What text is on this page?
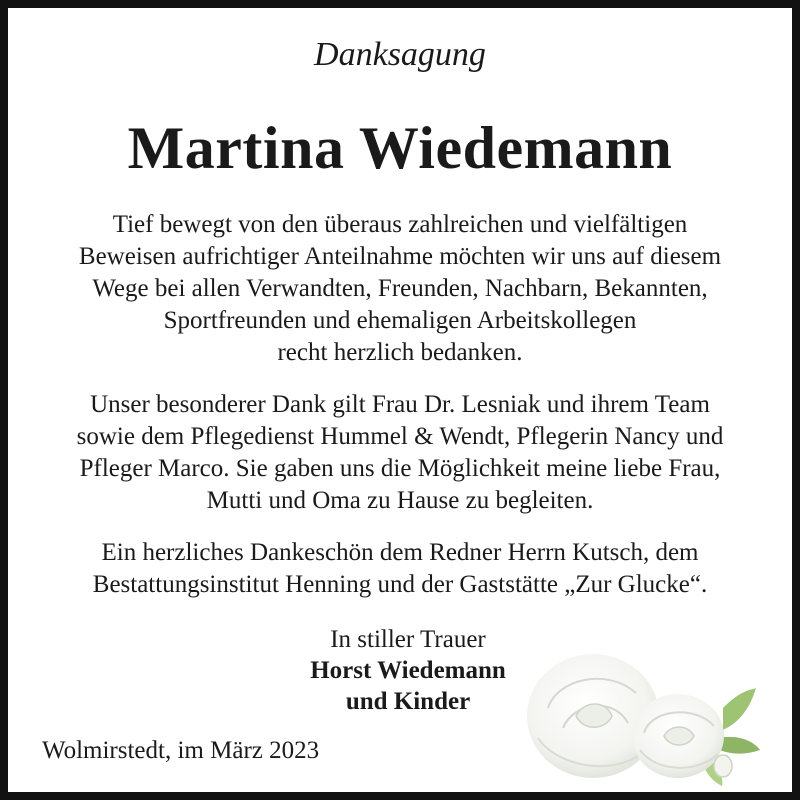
Danksagung
Martina Wiedemann
Tief bewegt von den überaus zahlreichen und vielfältigen
Beweisen aufrichtiger Anteilnahme möchten wir uns auf diesem
Wege bei allen Verwandten, Freunden, Nachbarn, Bekannten,
Sportfreunden und ehemaligen Arbeitskollegen
recht herzlich bedanken.
Unser besonderer Dank gilt Frau Dr. Lesniak und ihrem Team
sowie dem Pflegedienst Hummel & Wendt, Pflegerin Nancy und
Pfleger Marco. Sie gaben uns die Möglichkeit meine liebe Frau,
Mutti und Oma zu Hause zu begleiten.
Ein herzliches Dankeschön dem Redner Herrn Kutsch, dem
Bestattungsinstitut Henning und der Gaststätte „Zur Glucke“.
In stiller Trauer
Horst Wiedemann
und Kinder
Wolmirstedt, im März 2023
